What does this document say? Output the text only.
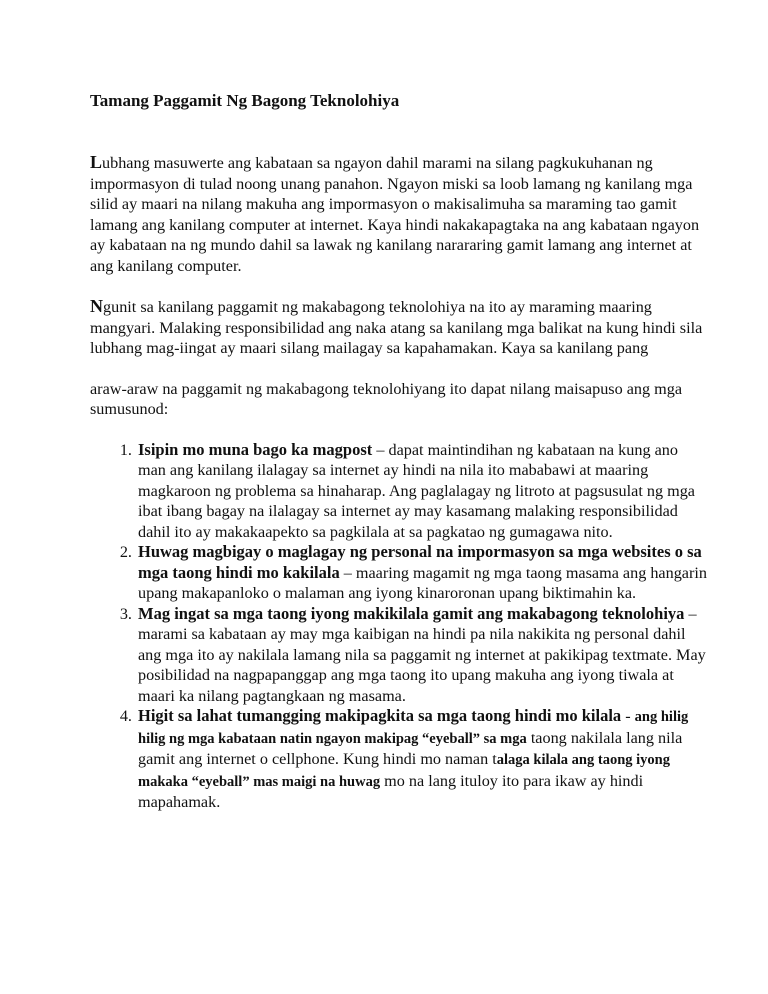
Tamang Paggamit Ng Bagong Teknolohiya

Lubhang masuwerte ang kabataan sa ngayon dahil marami na silang pagkukuhanan ng impormasyon di tulad noong unang panahon. Ngayon miski sa loob lamang ng kanilang mga silid ay maari na nilang makuha ang impormasyon o makisalimuha sa maraming tao gamit lamang ang kanilang computer at internet. Kaya hindi nakakapagtaka na ang kabataan ngayon ay kabataan na ng mundo dahil sa lawak ng kanilang narararing gamit lamang ang internet at ang kanilang computer.

Ngunit sa kanilang paggamit ng makabagong teknolohiya na ito ay maraming maaring mangyari. Malaking responsibilidad ang naka atang sa kanilang mga balikat na kung hindi sila lubhang mag-iingat ay maari silang mailagay sa kapahamakan. Kaya sa kanilang pang

araw-araw na paggamit ng makabagong teknolohiyang ito dapat nilang maisapuso ang mga sumusunod:

1. Isipin mo muna bago ka magpost – dapat maintindihan ng kabataan na kung ano man ang kanilang ilalagay sa internet ay hindi na nila ito mababawi at maaring magkaroon ng problema sa hinaharap. Ang paglalagay ng litroto at pagsusulat ng mga ibat ibang bagay na ilalagay sa internet ay may kasamang malaking responsibilidad dahil ito ay makakaapekto sa pagkilala at sa pagkatao ng gumagawa nito.
2. Huwag magbigay o maglagay ng personal na impormasyon sa mga websites o sa mga taong hindi mo kakilala – maaring magamit ng mga taong masama ang hangarin upang makapanloko o malaman ang iyong kinaroronan upang biktimahin ka.
3. Mag ingat sa mga taong iyong makikilala gamit ang makabagong teknolohiya – marami sa kabataan ay may mga kaibigan na hindi pa nila nakikita ng personal dahil ang mga ito ay nakilala lamang nila sa paggamit ng internet at pakikipag textmate. May posibilidad na nagpapanggap ang mga taong ito upang makuha ang iyong tiwala at maari ka nilang pagtangkaan ng masama.
4. Higit sa lahat tumangging makipagkita sa mga taong hindi mo kilala - ang hilig hilig ng mga kabataan natin ngayon makipag “eyeball” sa mga taong nakilala lang nila gamit ang internet o cellphone. Kung hindi mo naman talaga kilala ang taong iyong makaka “eyeball” mas maigi na huwag mo na lang ituloy ito para ikaw ay hindi mapahamak.
